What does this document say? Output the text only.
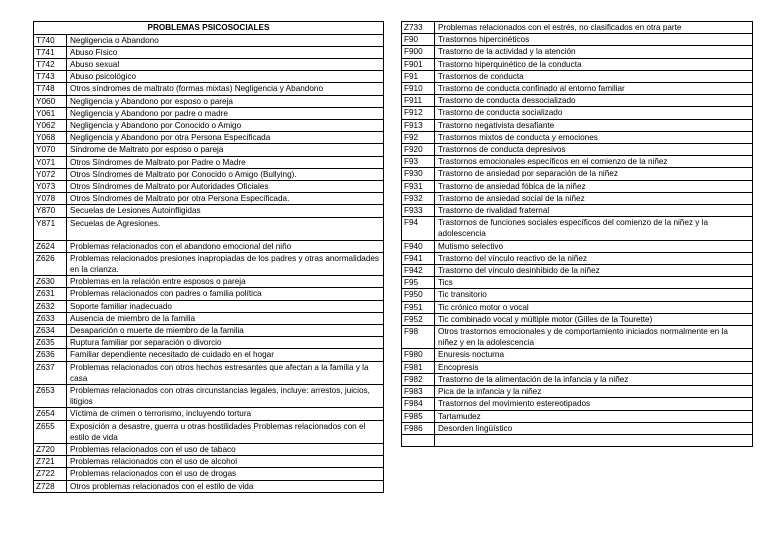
PROBLEMAS PSICOSOCIALES	
T740	Negligencia o Abandono
T741	Abuso Físico
T742	Abuso sexual
T743	Abuso psicológico
T748	Otros síndromes de maltrato (formas mixtas) Negligencia y Abandono
Y060	Negligencia y Abandono por esposo o pareja
Y061	Negligencia y Abandono por padre o madre
Y062	Negligencia y Abandono por Conocido o Amigo
Y068	Negligencia y Abandono por otra Persona Especificada
Y070	Síndrome de Maltrato por esposo o pareja
Y071	Otros Síndromes de Maltrato por Padre o Madre
Y072	Otros Síndromes de Maltrato por Conocido o Amigo (Bullying).
Y073	Otros Síndromes de Maltrato por Autoridades Oficiales
Y078	Otros Síndromes de Maltrato por otra Persona Especificada.
Y870	Secuelas de Lesiones Autoinfligidas
Y871	Secuelas de Agresiones.
Z624	Problemas relacionados con el abandono emocional del niño
Z626	Problemas relacionados presiones inapropiadas de los padres y otras anormalidades en la crianza.
Z630	Problemas en la relación entre esposos o pareja
Z631	Problemas relacionados con padres o familia política
Z632	Soporte familiar inadecuado
Z633	Ausencia de miembro de la familia
Z634	Desaparición o muerte de miembro de la familia
Z635	Ruptura familiar por separación o divorcio
Z636	Familiar dependiente necesitado de cuidado en el hogar
Z637	Problemas relacionados con otros hechos estresantes que afectan a la familia y la casa
Z653	Problemas relacionados con otras circunstancias legales, incluye: arrestos, juicios, litigios
Z654	Víctima de crimen o terrorismo, incluyendo tortura
Z655	Exposición a desastre, guerra u otras hostilidades Problemas relacionados con el estilo de vida
Z720	Problemas relacionados con el uso de tabaco
Z721	Problemas relacionados con el uso de alcohol
Z722	Problemas relacionados con el uso de drogas
Z728	Otros problemas relacionados con el estilo de vida
Z733	Problemas relacionados con el estrés, no clasificados en otra parte
F90	Trastornos hipercinéticos
F900	Trastorno de la actividad y la atención
F901	Trastorno hiperquinético de la conducta
F91	Trastornos de conducta
F910	Trastorno de conducta confinado al entorno familiar
F911	Trastorno de conducta dessocializado
F912	Trastorno de conducta socializado
F913	Trastorno negativista desafiante
F92	Trastornos mixtos de conducta y emociones
F920	Trastornos de conducta depresivos
F93	Trastornos emocionales específicos en el comienzo de la niñez
F930	Trastorno de ansiedad por separación de la niñez
F931	Trastorno de ansiedad fóbica de la niñez
F932	Trastorno de ansiedad social de la niñez
F933	Trastorno de rivalidad fraternal
F94	Trastornos de funciones sociales específicos del comienzo de la niñez y la adolescencia
F940	Mutismo selectivo
F941	Trastorno del vínculo reactivo de la niñez
F942	Trastorno del vínculo desinhibido de la niñez
F95	Tics
F950	Tic transitorio
F951	Tic crónico motor o vocal
F952	Tic combinado vocal y múltiple motor (Gilles de la Tourette)
F98	Otros trastornos emocionales y de comportamiento iniciados normalmente en la niñez y en la adolescencia
F980	Enuresis nocturna
F981	Encopresis
F982	Trastorno de la alimentación de la infancia y la niñez
F983	Pica de la infancia y la niñez
F984	Trastornos del movimiento estereotipados
F985	Tartamudez
F986	Desorden lingüístico
